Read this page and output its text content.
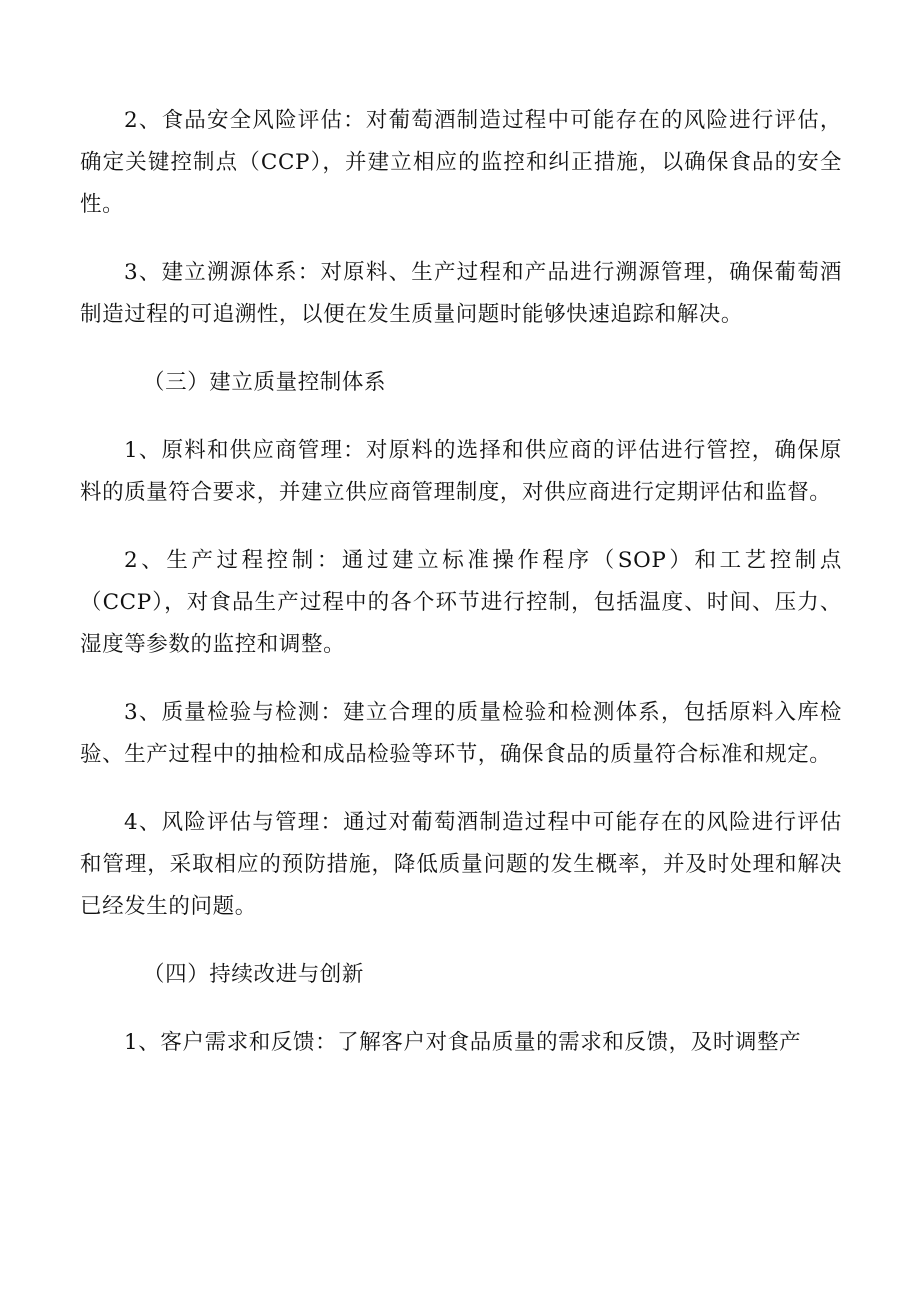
2、食品安全风险评估：对葡萄酒制造过程中可能存在的风险进行评估，确定关键控制点（CCP），并建立相应的监控和纠正措施，以确保食品的安全性。

3、建立溯源体系：对原料、生产过程和产品进行溯源管理，确保葡萄酒制造过程的可追溯性，以便在发生质量问题时能够快速追踪和解决。

（三）建立质量控制体系

1、原料和供应商管理：对原料的选择和供应商的评估进行管控，确保原料的质量符合要求，并建立供应商管理制度，对供应商进行定期评估和监督。

2、生产过程控制：通过建立标准操作程序（SOP）和工艺控制点（CCP），对食品生产过程中的各个环节进行控制，包括温度、时间、压力、湿度等参数的监控和调整。

3、质量检验与检测：建立合理的质量检验和检测体系，包括原料入库检验、生产过程中的抽检和成品检验等环节，确保食品的质量符合标准和规定。

4、风险评估与管理：通过对葡萄酒制造过程中可能存在的风险进行评估和管理，采取相应的预防措施，降低质量问题的发生概率，并及时处理和解决已经发生的问题。

（四）持续改进与创新

1、客户需求和反馈：了解客户对食品质量的需求和反馈，及时调整产
